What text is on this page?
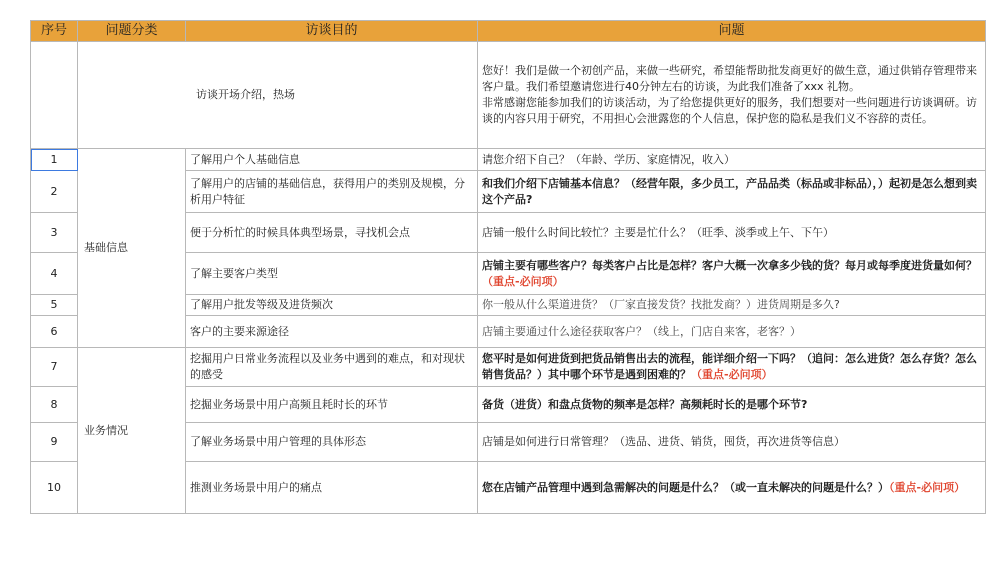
序号	问题分类	访谈目的	问题
	访谈开场介绍，热场		您好！我们是做一个初创产品，来做一些研究，希望能帮助批发商更好的做生意，通过供销存管理带来客户量。我们希望邀请您进行40分钟左右的访谈，为此我们准备了xxx 礼物。
非常感谢您能参加我们的访谈活动，为了给您提供更好的服务，我们想要对一些问题进行访谈调研。访谈的内容只用于研究，不用担心会泄露您的个人信息，保护您的隐私是我们义不容辞的责任。
1	基础信息	了解用户个人基础信息	请您介绍下自己？（年龄、学历、家庭情况，收入）
2		了解用户的店铺的基础信息，获得用户的类别及规模，分析用户特征	和我们介绍下店铺基本信息？（经营年限，多少员工，产品品类（标品或非标品），）起初是怎么想到卖这个产品?
3		便于分析忙的时候具体典型场景，寻找机会点	店铺一般什么时间比较忙？主要是忙什么？（旺季、淡季或上午、下午）
4		了解主要客户类型	店铺主要有哪些客户？每类客户占比是怎样？客户大概一次拿多少钱的货？每月或每季度进货量如何？（重点-必问项）
5		了解用户批发等级及进货频次	你一般从什么渠道进货？（厂家直接发货？找批发商？）进货周期是多久?
6		客户的主要来源途径	店铺主要通过什么途径获取客户？（线上，门店自来客，老客？）
7	业务情况	挖掘用户日常业务流程以及业务中遇到的难点，和对现状的感受	您平时是如何进货到把货品销售出去的流程，能详细介绍一下吗？（追问：怎么进货？怎么存货？怎么销售货品？）其中哪个环节是遇到困难的？（重点-必问项）
8		挖掘业务场景中用户高频且耗时长的环节	备货（进货）和盘点货物的频率是怎样？高频耗时长的是哪个环节?
9		了解业务场景中用户管理的具体形态	店铺是如何进行日常管理？（选品、进货、销货，囤货，再次进货等信息）
10		推测业务场景中用户的痛点	您在店铺产品管理中遇到急需解决的问题是什么？（或一直未解决的问题是什么？）（重点-必问项）
